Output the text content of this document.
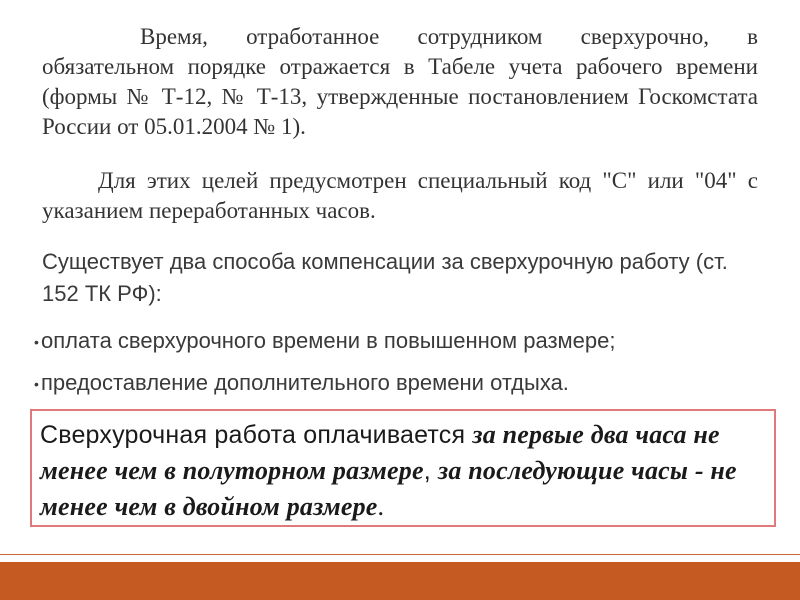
Время, отработанное сотрудником сверхурочно, в обязательном порядке отражается в Табеле учета рабочего времени (формы № Т-12, № Т-13, утвержденные постановлением Госкомстата России от 05.01.2004 № 1).

Для этих целей предусмотрен специальный код "С" или "04" с указанием переработанных часов.

Существует два способа компенсации за сверхурочную работу (ст. 152 ТК РФ):

•оплата сверхурочного времени в повышенном размере;
•предоставление дополнительного времени отдыха.
Сверхурочная работа оплачивается за первые два часа не менее чем в полуторном размере, за последующие часы - не менее чем в двойном размере.
